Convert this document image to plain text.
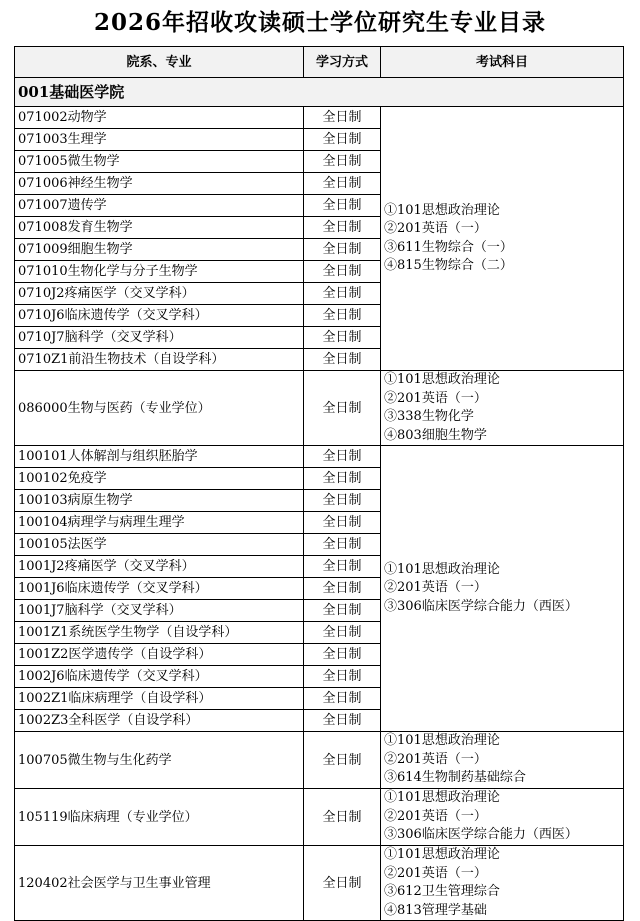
2026年招收攻读硕士学位研究生专业目录
院系、专业	学习方式	考试科目
001基础医学院		
071002动物学	全日制	①101思想政治理论
②201英语（一）
③611生物综合（一）
④815生物综合（二）

071003生理学	全日制	
071005微生物学	全日制	
071006神经生物学	全日制	
071007遗传学	全日制	
071008发育生物学	全日制	
071009细胞生物学	全日制	
071010生物化学与分子生物学	全日制	
0710J2疼痛医学（交叉学科）	全日制	
0710J6临床遗传学（交叉学科）	全日制	
0710J7脑科学（交叉学科）	全日制	
0710Z1前沿生物技术（自设学科）	全日制	
086000生物与医药（专业学位）	全日制	①101思想政治理论
②201英语（一）
③338生物化学
④803细胞生物学

100101人体解剖与组织胚胎学	全日制	①101思想政治理论
②201英语（一）
③306临床医学综合能力（西医）

100102免疫学	全日制	
100103病原生物学	全日制	
100104病理学与病理生理学	全日制	
100105法医学	全日制	
1001J2疼痛医学（交叉学科）	全日制	
1001J6临床遗传学（交叉学科）	全日制	
1001J7脑科学（交叉学科）	全日制	
1001Z1系统医学生物学（自设学科）	全日制	
1001Z2医学遗传学（自设学科）	全日制	
1002J6临床遗传学（交叉学科）	全日制	
1002Z1临床病理学（自设学科）	全日制	
1002Z3全科医学（自设学科）	全日制	
100705微生物与生化药学	全日制	①101思想政治理论
②201英语（一）
③614生物制药基础综合

105119临床病理（专业学位）	全日制	①101思想政治理论
②201英语（一）
③306临床医学综合能力（西医）

120402社会医学与卫生事业管理	全日制	①101思想政治理论
②201英语（一）
③612卫生管理综合
④813管理学基础
